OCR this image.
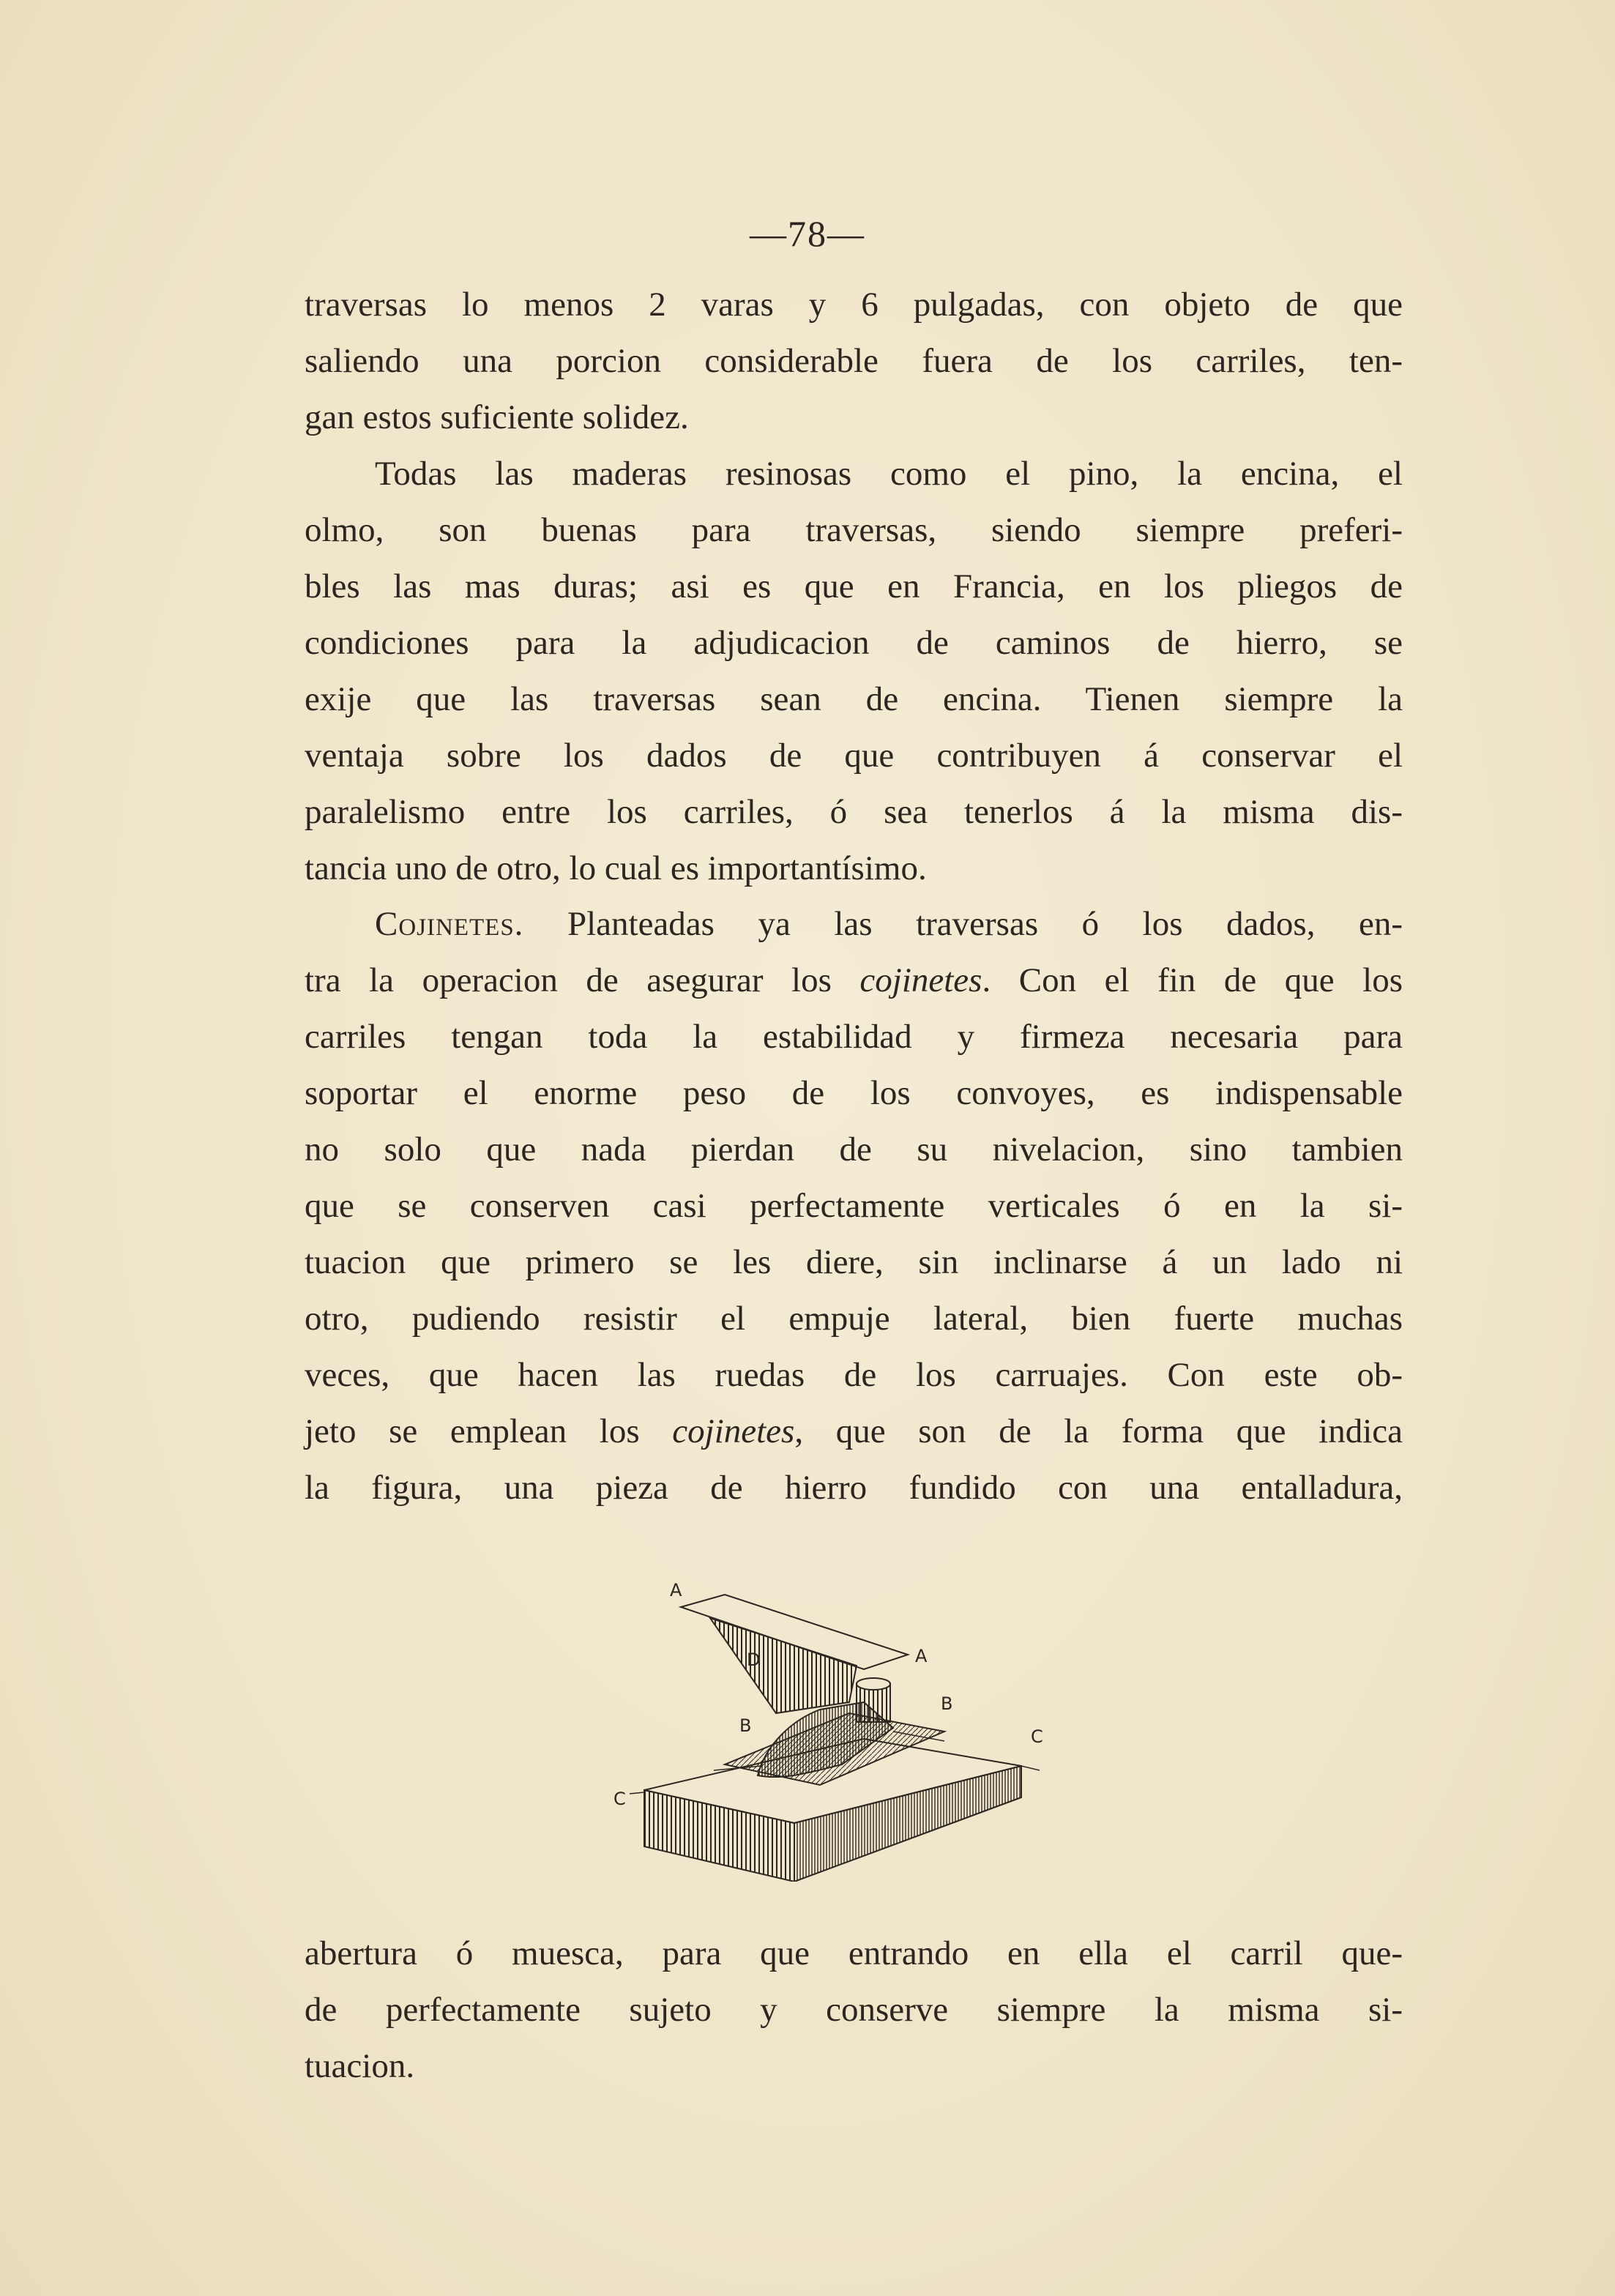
—78—
traversas lo menos 2 varas y 6 pulgadas, con objeto de que
saliendo una porcion considerable fuera de los carriles, ten-
gan estos suficiente solidez.
Todas las maderas resinosas como el pino, la encina, el
olmo, son buenas para traversas, siendo siempre preferi-
bles las mas duras; asi es que en Francia, en los pliegos de
condiciones para la adjudicacion de caminos de hierro, se
exije que las traversas sean de encina. Tienen siempre la
ventaja sobre los dados de que contribuyen á conservar el
paralelismo entre los carriles, ó sea tenerlos á la misma dis-
tancia uno de otro, lo cual es importantísimo.
Cojinetes. Planteadas ya las traversas ó los dados, en-
tra la operacion de asegurar los cojinetes. Con el fin de que los
carriles tengan toda la estabilidad y firmeza necesaria para
soportar el enorme peso de los convoyes, es indispensable
no solo que nada pierdan de su nivelacion, sino tambien
que se conserven casi perfectamente verticales ó en la si-
tuacion que primero se les diere, sin inclinarse á un lado ni
otro, pudiendo resistir el empuje lateral, bien fuerte muchas
veces, que hacen las ruedas de los carruajes. Con este ob-
jeto se emplean los cojinetes, que son de la forma que indica
la figura, una pieza de hierro fundido con una entalladura,
A
D	A
B
B
C
C
abertura ó muesca, para que entrando en ella el carril que-
de perfectamente sujeto y conserve siempre la misma si-
tuacion.
